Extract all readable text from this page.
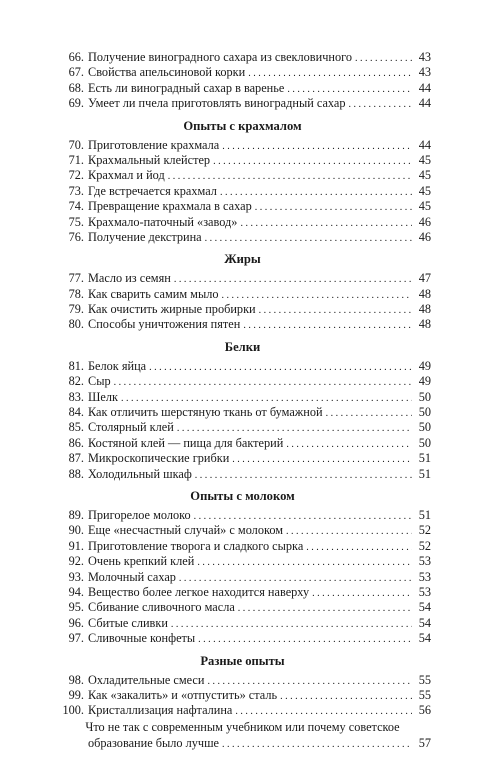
66. Получение виноградного сахара из свекловичного . . .	43
67. Свойства апельсиновой корки . . .	43
68. Есть ли виноградный сахар в варенье . . .	44
69. Умеет ли пчела приготовлять виноградный сахар . . .	44
Опыты с крахмалом
70. Приготовление крахмала . . .	44
71. Крахмальный клейстер . . .	45
72. Крахмал и йод . . .	45
73. Где встречается крахмал . . .	45
74. Превращение крахмала в сахар . . .	45
75. Крахмало-паточный «завод» . . .	46
76. Получение декстрина . . .	46
Жиры
77. Масло из семян . . .	47
78. Как сварить самим мыло . . .	48
79. Как очистить жирные пробирки . . .	48
80. Способы уничтожения пятен . . .	48
Белки
81. Белок яйца . . .	49
82. Сыр . . .	49
83. Шелк . . .	50
84. Как отличить шерстяную ткань от бумажной . . .	50
85. Столярный клей . . .	50
86. Костяной клей — пища для бактерий . . .	50
87. Микроскопические грибки . . .	51
88. Холодильный шкаф . . .	51
Опыты с молоком
89. Пригорелое молоко . . .	51
90. Еще «несчастный случай» с молоком . . .	52
91. Приготовление творога и сладкого сырка . . .	52
92. Очень крепкий клей . . .	53
93. Молочный сахар . . .	53
94. Вещество более легкое находится наверху . . .	53
95. Сбивание сливочного масла . . .	54
96. Сбитые сливки . . .	54
97. Сливочные конфеты . . .	54
Разные опыты
98. Охладительные смеси . . .	55
99. Как «закалить» и «отпустить» сталь . . .	55
100. Кристаллизация нафталина . . .	56
Что не так с современным учебником или почему советское
образование было лучше . . .	57
